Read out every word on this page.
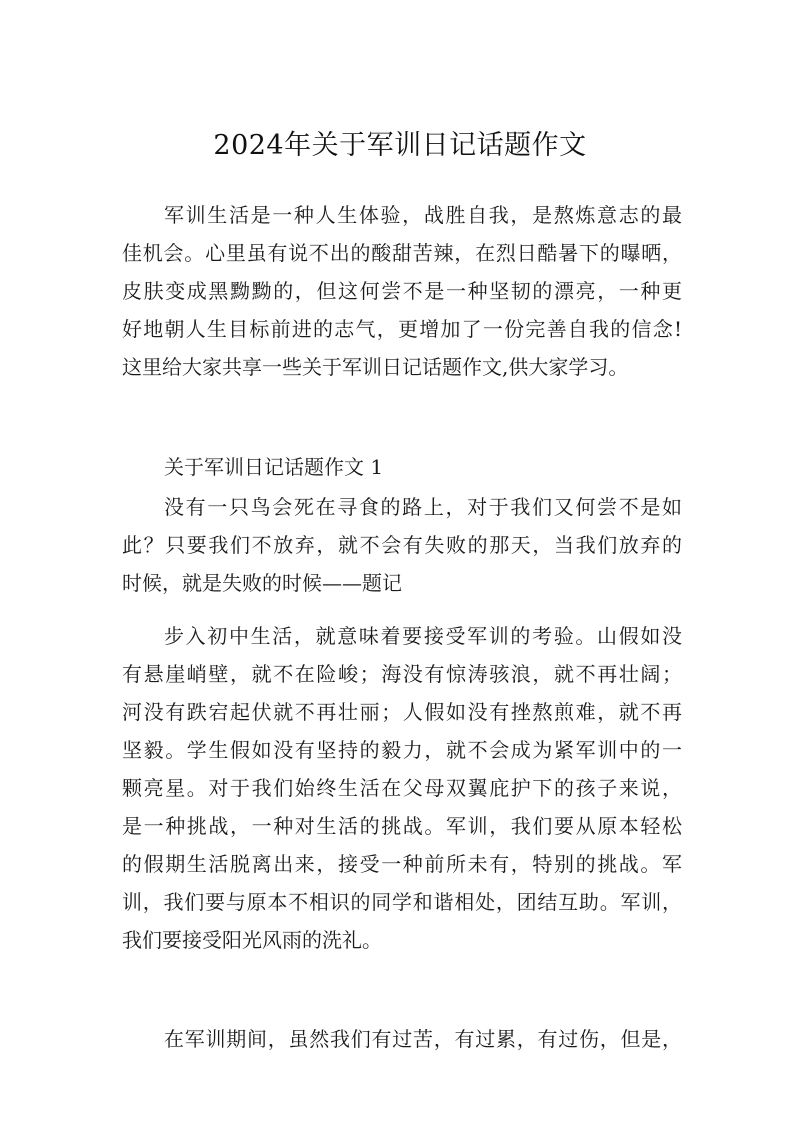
2024年关于军训日记话题作文
军训生活是一种人生体验，战胜自我，是熬炼意志的最
佳机会。心里虽有说不出的酸甜苦辣，在烈日酷暑下的曝晒，
皮肤变成黑黝黝的，但这何尝不是一种坚韧的漂亮，一种更
好地朝人生目标前进的志气，更增加了一份完善自我的信念!
这里给大家共享一些关于军训日记话题作文,供大家学习。
关于军训日记话题作文 1
没有一只鸟会死在寻食的路上，对于我们又何尝不是如
此？只要我们不放弃，就不会有失败的那天，当我们放弃的
时候，就是失败的时候——题记
步入初中生活，就意味着要接受军训的考验。山假如没
有悬崖峭壁，就不在险峻；海没有惊涛骇浪，就不再壮阔；
河没有跌宕起伏就不再壮丽；人假如没有挫熬煎难，就不再
坚毅。学生假如没有坚持的毅力，就不会成为紧军训中的一
颗亮星。对于我们始终生活在父母双翼庇护下的孩子来说，
是一种挑战，一种对生活的挑战。军训，我们要从原本轻松
的假期生活脱离出来，接受一种前所未有，特别的挑战。军
训，我们要与原本不相识的同学和谐相处，团结互助。军训，
我们要接受阳光风雨的洗礼。
在军训期间，虽然我们有过苦，有过累，有过伤，但是，
